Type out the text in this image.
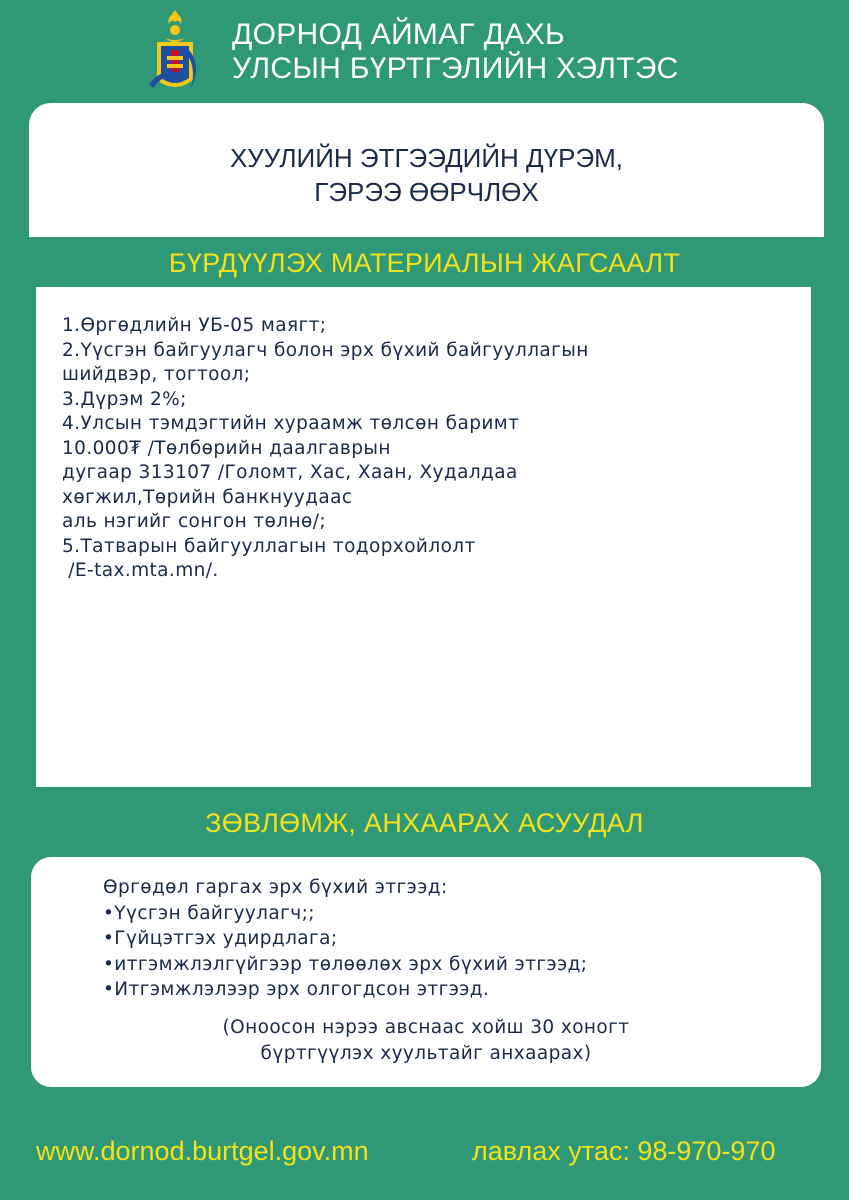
ДОРНОД АЙМАГ ДАХЬ
УЛСЫН БҮРТГЭЛИЙН ХЭЛТЭС
ХУУЛИЙН ЭТГЭЭДИЙН ДҮРЭМ,
ГЭРЭЭ ӨӨРЧЛӨХ
БҮРДҮҮЛЭХ МАТЕРИАЛЫН ЖАГСААЛТ
1.Өргөдлийн УБ-05 маягт;
2.Үүсгэн байгуулагч болон эрх бүхий байгууллагын
шийдвэр, тогтоол;
3.Дүрэм 2%;
4.Улсын тэмдэгтийн хураамж төлсөн баримт
10.000₮ /Төлбөрийн даалгаврын
дугаар 313107 /Голомт, Хас, Хаан, Худалдаа
хөгжил,Төрийн банкнуудаас
аль нэгийг сонгон төлнө/;
5.Татварын байгууллагын тодорхойлолт
/E-tax.mta.mn/.
ЗӨВЛӨМЖ, АНХААРАХ АСУУДАЛ
Өргөдөл гаргах эрх бүхий этгээд:
•Үүсгэн байгуулагч;;
•Гүйцэтгэх удирдлага;
•итгэмжлэлгүйгээр төлөөлөх эрх бүхий этгээд;
•Итгэмжлэлээр эрх олгогдсон этгээд.
(Оноосон нэрээ авснаас хойш 30 хоногт
бүртгүүлэх хуультайг анхаарах)
www.dornod.burtgel.gov.mn	лавлах утас: 98-970-970
